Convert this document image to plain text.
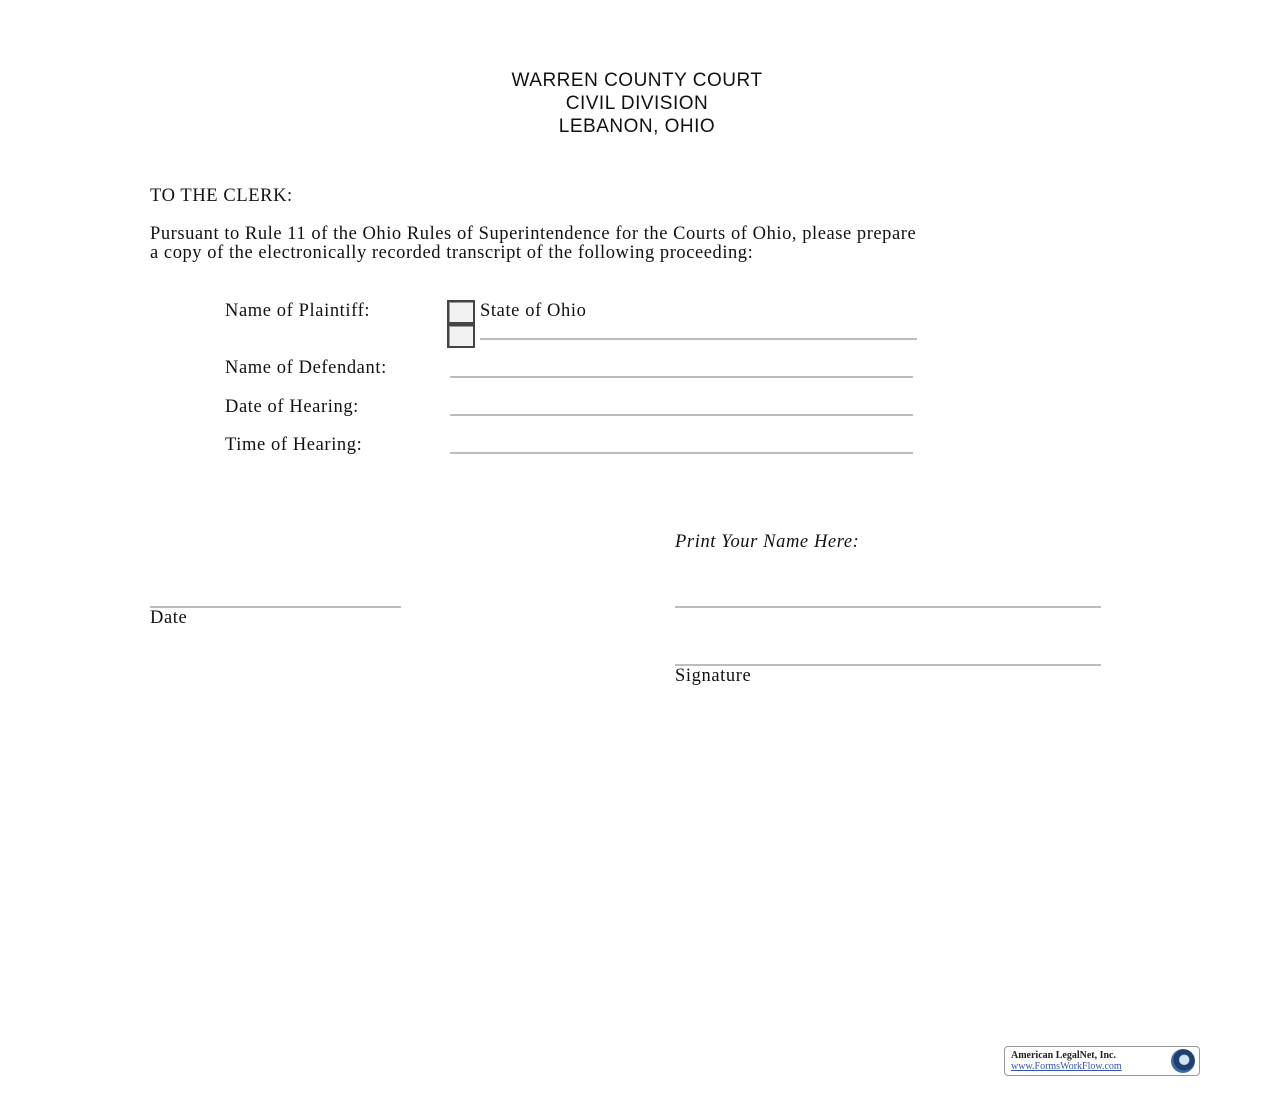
WARREN COUNTY COURT
CIVIL DIVISION
LEBANON, OHIO
TO THE CLERK:
Pursuant to Rule 11 of the Ohio Rules of Superintendence for the Courts of Ohio, please prepare
a copy of the electronically recorded transcript of the following proceeding:
Name of Plaintiff:	State of Ohio
Name of Defendant:
Date of Hearing:
Time of Hearing:
Print Your Name Here:
Date
Signature
American LegalNet, Inc.
www.FormsWorkFlow.com
